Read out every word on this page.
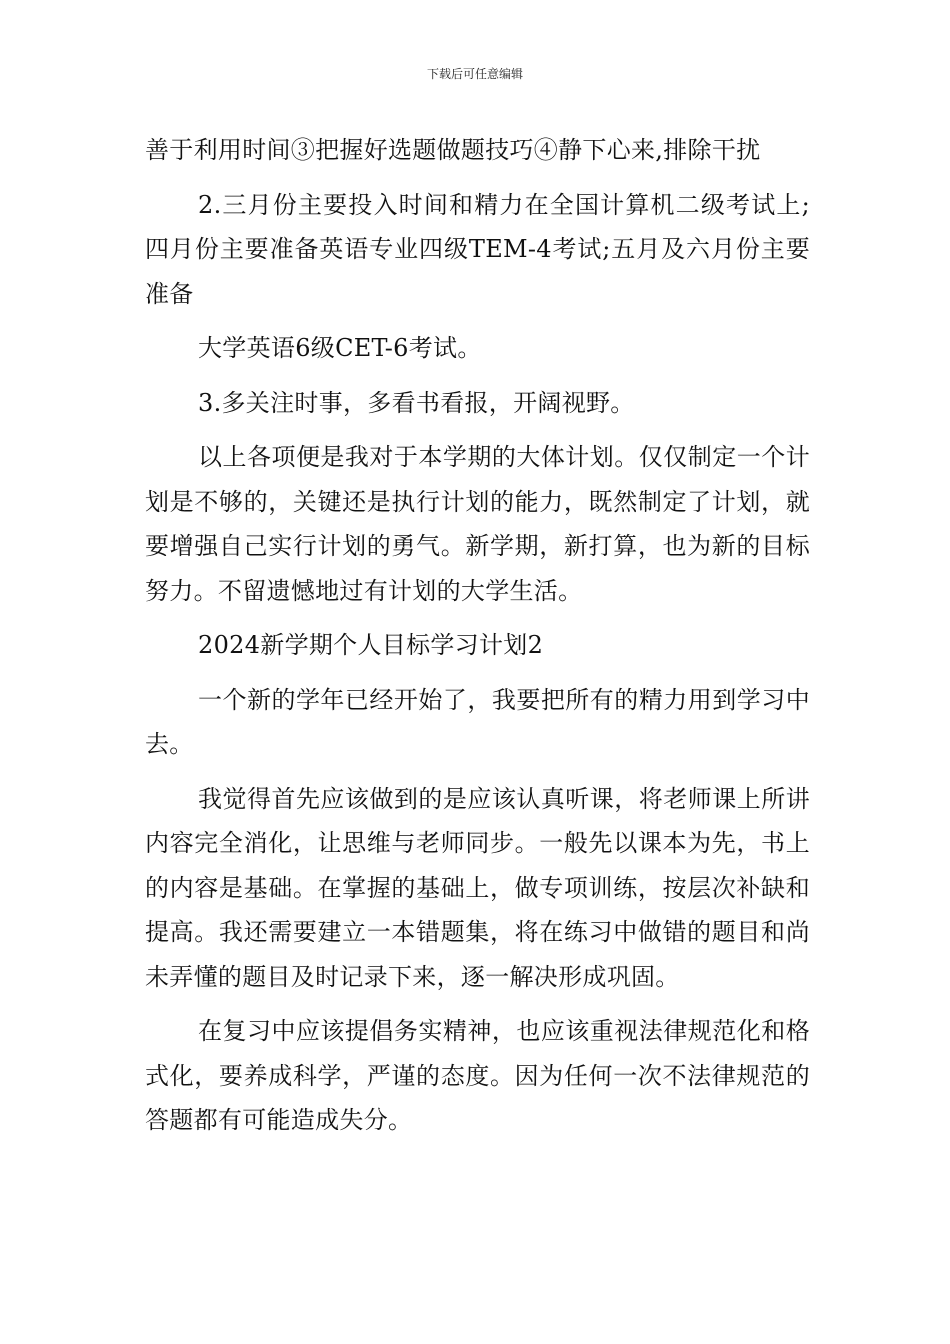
下载后可任意编辑

善于利用时间③把握好选题做题技巧④静下心来,排除干扰

2.三月份主要投入时间和精力在全国计算机二级考试上;四月份主要准备英语专业四级TEM-4考试;五月及六月份主要准备

大学英语6级CET-6考试。

3.多关注时事，多看书看报，开阔视野。

以上各项便是我对于本学期的大体计划。仅仅制定一个计划是不够的，关键还是执行计划的能力，既然制定了计划，就要增强自己实行计划的勇气。新学期，新打算，也为新的目标努力。不留遗憾地过有计划的大学生活。

2024新学期个人目标学习计划2

一个新的学年已经开始了，我要把所有的精力用到学习中去。

我觉得首先应该做到的是应该认真听课，将老师课上所讲内容完全消化，让思维与老师同步。一般先以课本为先，书上的内容是基础。在掌握的基础上，做专项训练，按层次补缺和提高。我还需要建立一本错题集，将在练习中做错的题目和尚未弄懂的题目及时记录下来，逐一解决形成巩固。

在复习中应该提倡务实精神，也应该重视法律规范化和格式化，要养成科学，严谨的态度。因为任何一次不法律规范的答题都有可能造成失分。
